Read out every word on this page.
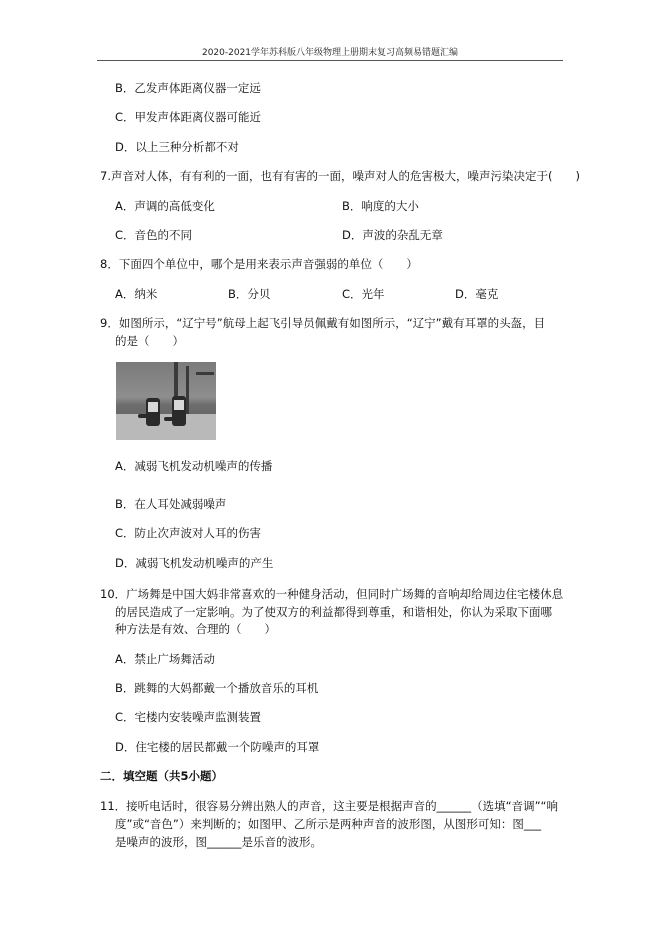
2020-2021学年苏科版八年级物理上册期末复习高频易错题汇编
B．乙发声体距离仪器一定远
C．甲发声体距离仪器可能近
D．以上三种分析都不对
7.声音对人体，有有利的一面，也有有害的一面，噪声对人的危害极大，噪声污染决定于(　　)
A．声调的高低变化	B．响度的大小
C．音色的不同	D．声波的杂乱无章
8．下面四个单位中，哪个是用来表示声音强弱的单位（　　）
A．纳米	B．分贝	C．光年	D．毫克
9．如图所示，“辽宁号”航母上起飞引导员佩戴有如图所示，“辽宁”戴有耳罩的头盔，目
的是（　　）
A．减弱飞机发动机噪声的传播
B．在人耳处减弱噪声
C．防止次声波对人耳的伤害
D．减弱飞机发动机噪声的产生
10．广场舞是中国大妈非常喜欢的一种健身活动，但同时广场舞的音响却给周边住宅楼休息
的居民造成了一定影响。为了使双方的利益都得到尊重，和谐相处，你认为采取下面哪
种方法是有效、合理的（　　）
A．禁止广场舞活动
B．跳舞的大妈都戴一个播放音乐的耳机
C．宅楼内安装噪声监测装置
D．住宅楼的居民都戴一个防噪声的耳罩
二．填空题（共5小题）
11．接听电话时，很容易分辨出熟人的声音，这主要是根据声音的______（选填“音调”“响
度”或“音色”）来判断的；如图甲、乙所示是两种声音的波形图，从图形可知：图___
是噪声的波形，图______是乐音的波形。
